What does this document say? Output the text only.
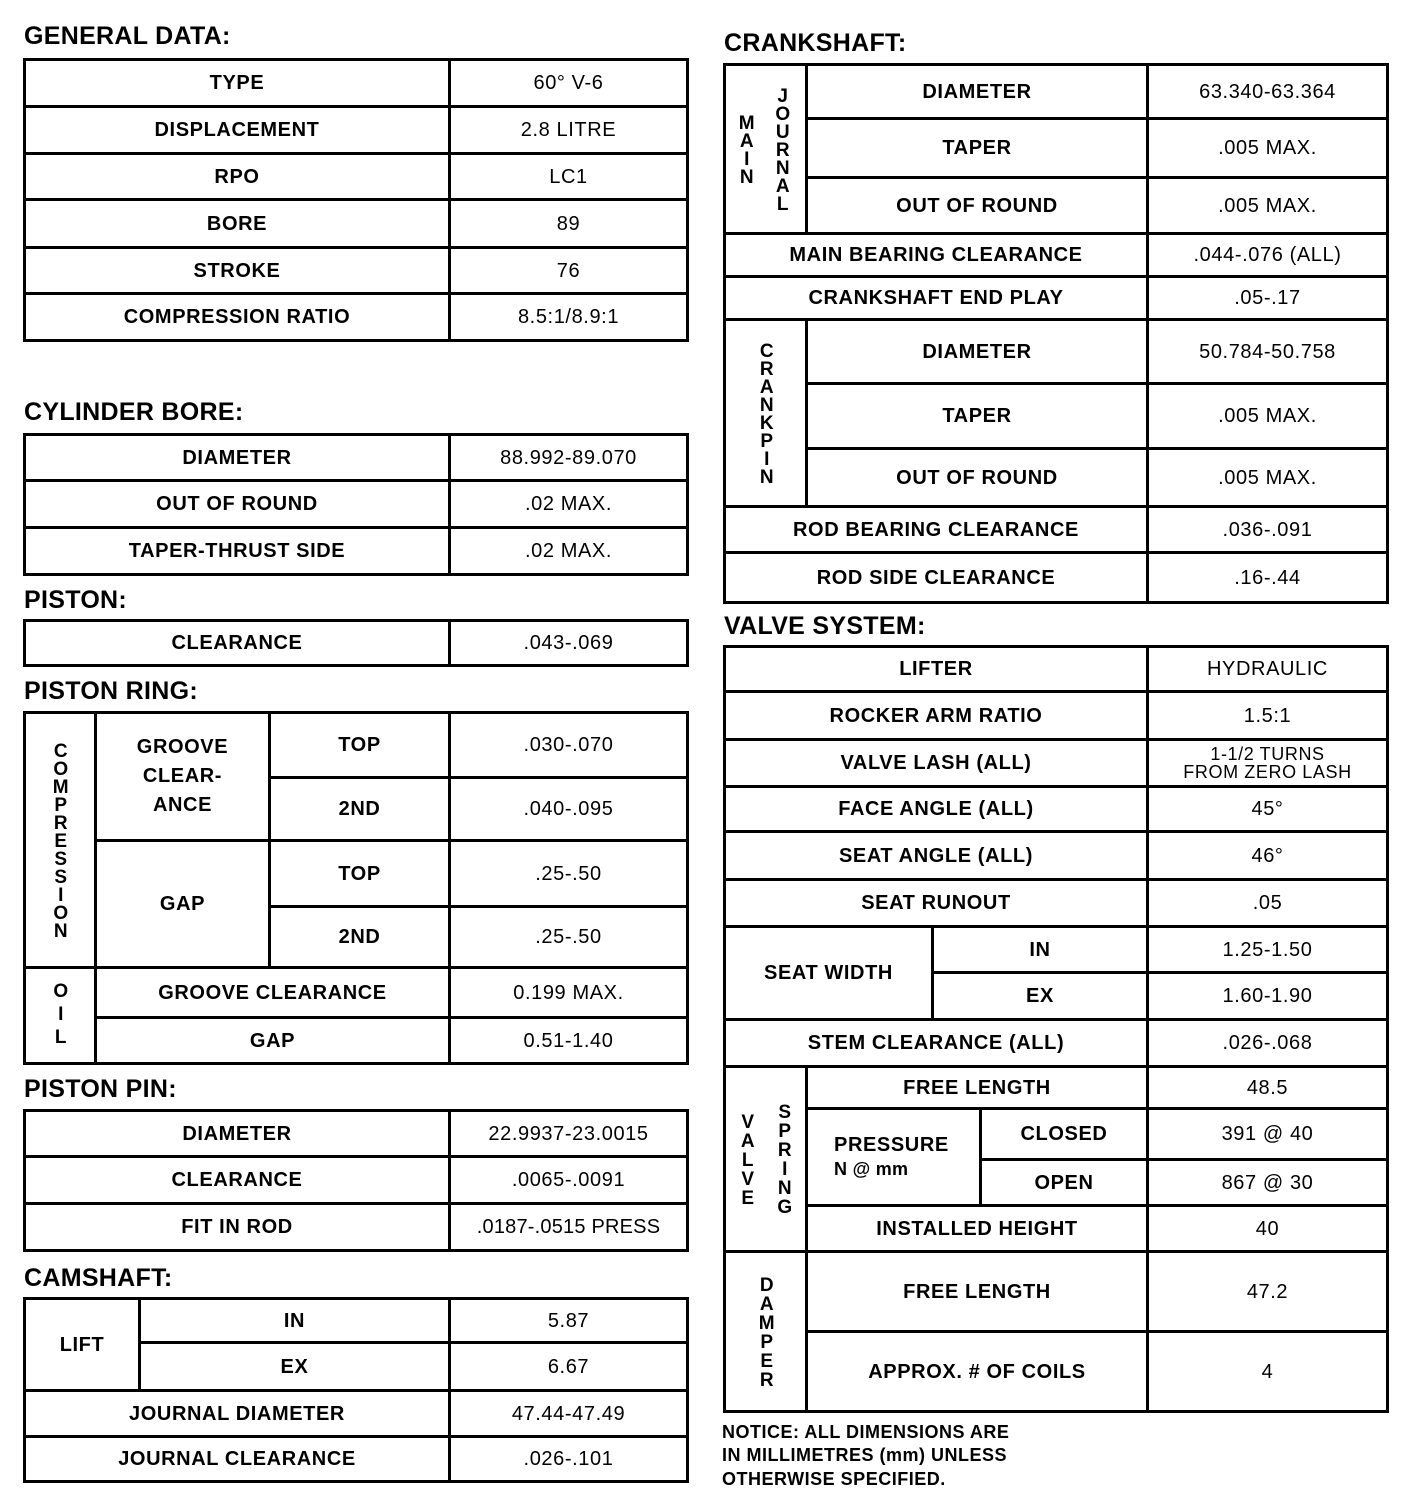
GENERAL DATA:
TYPE	60° V-6
DISPLACEMENT	2.8 LITRE
RPO	LC1
BORE	89
STROKE	76
COMPRESSION RATIO	8.5:1/8.9:1
CYLINDER BORE:
DIAMETER	88.992-89.070
OUT OF ROUND	.02 MAX.
TAPER-THRUST SIDE	.02 MAX.
PISTON:
CLEARANCE	.043-.069
PISTON RING:
COMPRESSION	GROOVE CLEAR-ANCE
TOP	.030-.070
2ND	.040-.095
GAP
TOP	.25-.50
2ND	.25-.50
OIL	GROOVE CLEARANCE	0.199 MAX.
GAP	0.51-1.40
PISTON PIN:
DIAMETER	22.9937-23.0015
CLEARANCE	.0065-.0091
FIT IN ROD	.0187-.0515 PRESS
CAMSHAFT:
LIFT
IN	5.87
EX	6.67
JOURNAL DIAMETER	47.44-47.49
JOURNAL CLEARANCE	.026-.101
CRANKSHAFT:
MAIN JOURNAL	DIAMETER	63.340-63.364
TAPER	.005 MAX.
OUT OF ROUND	.005 MAX.
MAIN BEARING CLEARANCE	.044-.076 (ALL)
CRANKSHAFT END PLAY	.05-.17
CRANKPIN	DIAMETER	50.784-50.758
TAPER	.005 MAX.
OUT OF ROUND	.005 MAX.
ROD BEARING CLEARANCE	.036-.091
ROD SIDE CLEARANCE	.16-.44
VALVE SYSTEM:
LIFTER	HYDRAULIC
ROCKER ARM RATIO	1.5:1
VALVE LASH (ALL)	1-1/2 TURNS
FROM ZERO LASH
FACE ANGLE (ALL)	45°
SEAT ANGLE (ALL)	46°
SEAT RUNOUT	.05
SEAT WIDTH
IN	1.25-1.50
EX	1.60-1.90
STEM CLEARANCE (ALL)	.026-.068
VALVE SPRING
FREE LENGTH	48.5
PRESSURE
N @ mm
CLOSED	391 @ 40
OPEN	867 @ 30
INSTALLED HEIGHT	40
DAMPER	FREE LENGTH	47.2
APPROX. # OF COILS	4
NOTICE: ALL DIMENSIONS ARE
IN MILLIMETRES (mm) UNLESS
OTHERWISE SPECIFIED.
